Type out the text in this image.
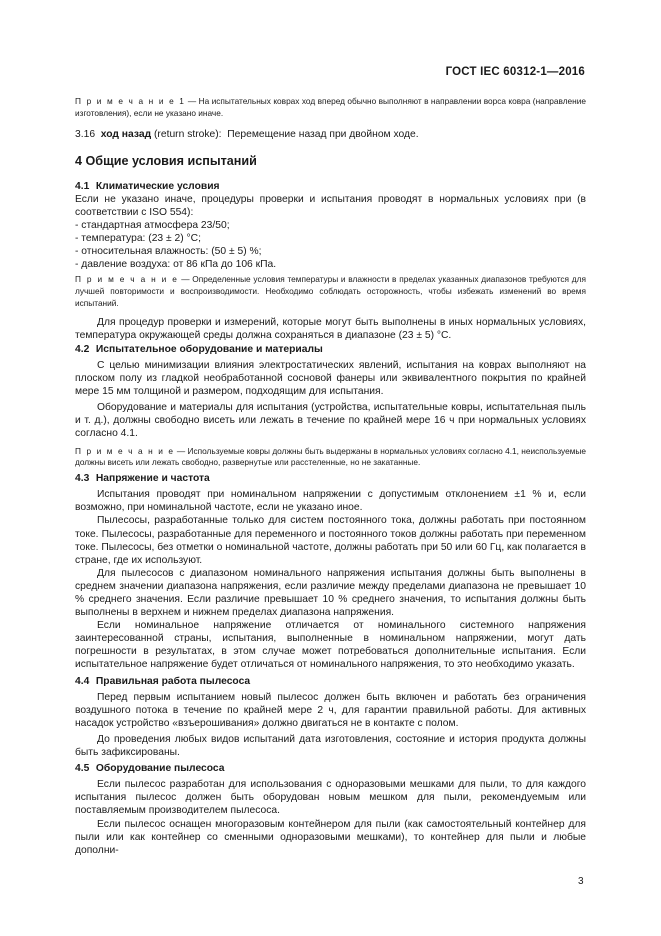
ГОСТ IEC 60312-1—2016

П р и м е ч а н и е 1 — На испытательных коврах ход вперед обычно выполняют в направлении ворса ковра (направление изготовления), если не указано иначе.

3.16 ход назад (return stroke): Перемещение назад при двойном ходе.

4 Общие условия испытаний

4.1 Климатические условия

Если не указано иначе, процедуры проверки и испытания проводят в нормальных условиях при (в соответствии с ISO 554):

- стандартная атмосфера 23/50;

- температура: (23 ± 2) °C;

- относительная влажность: (50 ± 5) %;

- давление воздуха: от 86 кПа до 106 кПа.

П р и м е ч а н и е — Определенные условия температуры и влажности в пределах указанных диапазонов требуются для лучшей повторимости и воспроизводимости. Необходимо соблюдать осторожность, чтобы избежать изменений во время испытаний.

Для процедур проверки и измерений, которые могут быть выполнены в иных нормальных условиях, температура окружающей среды должна сохраняться в диапазоне (23 ± 5) °C.

4.2 Испытательное оборудование и материалы

С целью минимизации влияния электростатических явлений, испытания на коврах выполняют на плоском полу из гладкой необработанной сосновой фанеры или эквивалентного покрытия по крайней мере 15 мм толщиной и размером, подходящим для испытания.

Оборудование и материалы для испытания (устройства, испытательные ковры, испытательная пыль и т. д.), должны свободно висеть или лежать в течение по крайней мере 16 ч при нормальных условиях согласно 4.1.

П р и м е ч а н и е — Используемые ковры должны быть выдержаны в нормальных условиях согласно 4.1, неиспользуемые должны висеть или лежать свободно, развернутые или расстеленные, но не закатанные.

4.3 Напряжение и частота

Испытания проводят при номинальном напряжении с допустимым отклонением ±1 % и, если возможно, при номинальной частоте, если не указано иное.

Пылесосы, разработанные только для систем постоянного тока, должны работать при постоянном токе. Пылесосы, разработанные для переменного и постоянного токов должны работать при переменном токе. Пылесосы, без отметки о номинальной частоте, должны работать при 50 или 60 Гц, как полагается в стране, где их используют.

Для пылесосов с диапазоном номинального напряжения испытания должны быть выполнены в среднем значении диапазона напряжения, если различие между пределами диапазона не превышает 10 % среднего значения. Если различие превышает 10 % среднего значения, то испытания должны быть выполнены в верхнем и нижнем пределах диапазона напряжения.

Если номинальное напряжение отличается от номинального системного напряжения заинтересованной страны, испытания, выполненные в номинальном напряжении, могут дать погрешности в результатах, в этом случае может потребоваться дополнительные испытания. Если испытательное напряжение будет отличаться от номинального напряжения, то это необходимо указать.

4.4 Правильная работа пылесоса

Перед первым испытанием новый пылесос должен быть включен и работать без ограничения воздушного потока в течение по крайней мере 2 ч, для гарантии правильной работы. Для активных насадок устройство «взъерошивания» должно двигаться не в контакте с полом.

До проведения любых видов испытаний дата изготовления, состояние и история продукта должны быть зафиксированы.

4.5 Оборудование пылесоса

Если пылесос разработан для использования с одноразовыми мешками для пыли, то для каждого испытания пылесос должен быть оборудован новым мешком для пыли, рекомендуемым или поставляемым производителем пылесоса.

Если пылесос оснащен многоразовым контейнером для пыли (как самостоятельный контейнер для пыли или как контейнер со сменными одноразовыми мешками), то контейнер для пыли и любые дополни-

3
